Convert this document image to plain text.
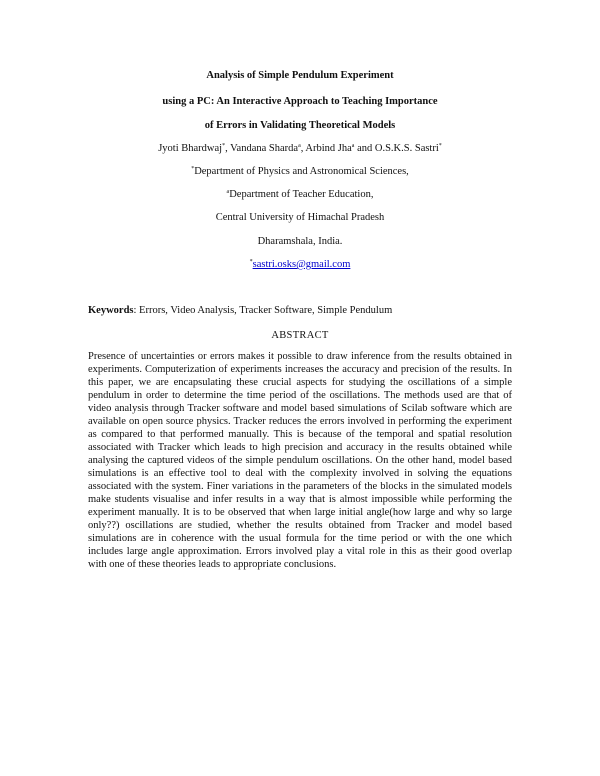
Analysis of Simple Pendulum Experiment
using a PC: An Interactive Approach to Teaching Importance
of Errors in Validating Theoretical Models
Jyoti Bhardwaj*, Vandana Sharda$^a$, Arbind Jha$^a$ and O.S.K.S. Sastri*
*Department of Physics and Astronomical Sciences,
$^a$Department of Teacher Education,
Central University of Himachal Pradesh
Dharamshala, India.
*sastri.osks@gmail.com
Keywords: Errors, Video Analysis, Tracker Software, Simple Pendulum
ABSTRACT
Presence of uncertainties or errors makes it possible to draw inference from the results obtained in experiments. Computerization of experiments increases the accuracy and precision of the results. In this paper, we are encapsulating these crucial aspects for studying the oscillations of a simple pendulum in order to determine the time period of the oscillations. The methods used are that of video analysis through Tracker software and model based simulations of Scilab software which are available on open source physics. Tracker reduces the errors involved in performing the experiment as compared to that performed manually. This is because of the temporal and spatial resolution associated with Tracker which leads to high precision and accuracy in the results obtained while analysing the captured videos of the simple pendulum oscillations. On the other hand, model based simulations is an effective tool to deal with the complexity involved in solving the equations associated with the system. Finer variations in the parameters of the blocks in the simulated models make students visualise and infer results in a way that is almost impossible while performing the experiment manually. It is to be observed that when large initial angle(how large and why so large only??) oscillations are studied, whether the results obtained from Tracker and model based simulations are in coherence with the usual formula for the time period or with the one which includes large angle approximation. Errors involved play a vital role in this as their good overlap with one of these theories leads to appropriate conclusions.
